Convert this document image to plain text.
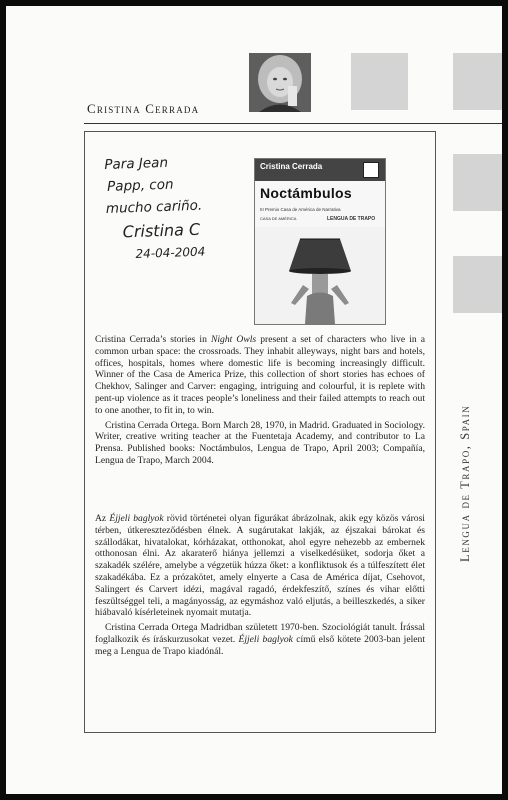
Cristina Cerrada
Para Jean
Papp, con
mucho cariño.
Cristina C
24-04-2004
Cristina Cerrada
Noctámbulos
III Premio Casa de América de Narrativa
CASA DE AMÉRICA	LENGUA DE TRAPO

Cristina Cerrada’s stories in Night Owls present a set of characters who live in a common urban space: the crossroads. They inhabit alleyways, night bars and hotels, offices, hospitals, homes where domestic life is becoming increasingly difficult. Winner of the Casa de America Prize, this collection of short stories has echoes of Chekhov, Salinger and Carver: engaging, intriguing and colourful, it is replete with pent-up violence as it traces people’s loneliness and their failed attempts to reach out to one another, to fit in, to win.

Cristina Cerrada Ortega. Born March 28, 1970, in Madrid. Graduated in Sociology. Writer, creative writing teacher at the Fuentetaja Academy, and contributor to La Prensa. Published books: Noctámbulos, Lengua de Trapo, April 2003; Compañía, Lengua de Trapo, March 2004.

Az Éjjeli baglyok rövid történetei olyan figurákat ábrázolnak, akik egy közös városi térben, útkereszteződésben élnek. A sugárutakat lakják, az éjszakai bárokat és szállodákat, hivatalokat, kórházakat, otthonokat, ahol egyre nehezebb az embernek otthonosan élni. Az akaraterő hiánya jellemzi a viselkedésüket, sodorja őket a szakadék szélére, amelybe a végzetük húzza őket: a konfliktusok és a túlfeszített élet szakadékába. Ez a prózakötet, amely elnyerte a Casa de América díjat, Csehovot, Salingert és Carvert idézi, magával ragadó, érdekfeszítő, színes és vihar előtti feszültséggel teli, a magányosság, az egymáshoz való eljutás, a beilleszkedés, a siker hiábavaló kísérleteinek nyomait mutatja.

Cristina Cerrada Ortega Madridban született 1970-ben. Szociológiát tanult. Írással foglalkozik és íráskurzusokat vezet. Éjjeli baglyok című első kötete 2003-ban jelent meg a Lengua de Trapo kiadónál.

Lengua de Trapo, Spain
